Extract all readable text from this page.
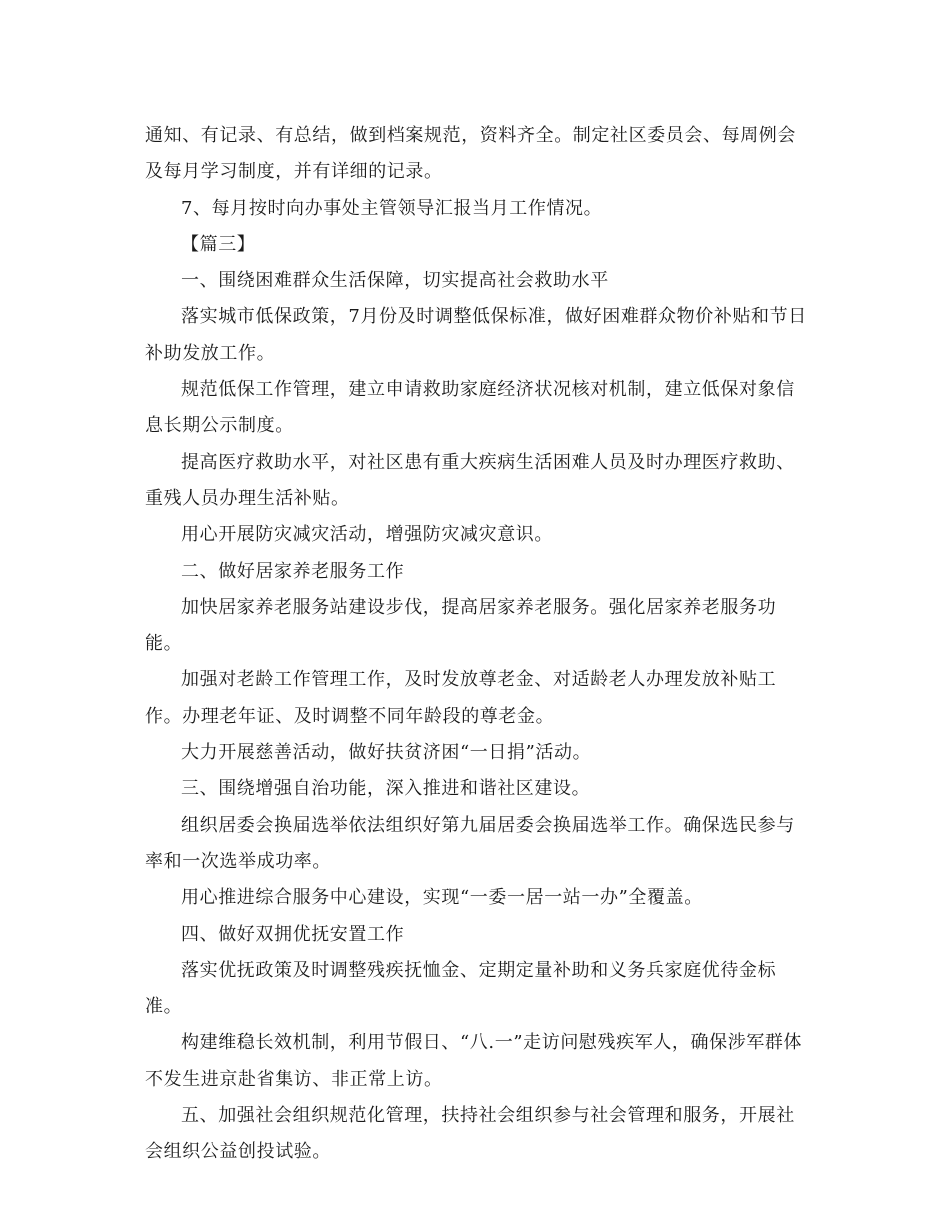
通知、有记录、有总结，做到档案规范，资料齐全。制定社区委员会、每周例会及每月学习制度，并有详细的记录。

7、每月按时向办事处主管领导汇报当月工作情况。

【篇三】

一、围绕困难群众生活保障，切实提高社会救助水平

落实城市低保政策，7月份及时调整低保标准，做好困难群众物价补贴和节日补助发放工作。

规范低保工作管理，建立申请救助家庭经济状况核对机制，建立低保对象信息长期公示制度。

提高医疗救助水平，对社区患有重大疾病生活困难人员及时办理医疗救助、重残人员办理生活补贴。

用心开展防灾减灾活动，增强防灾减灾意识。

二、做好居家养老服务工作

加快居家养老服务站建设步伐，提高居家养老服务。强化居家养老服务功能。

加强对老龄工作管理工作，及时发放尊老金、对适龄老人办理发放补贴工作。办理老年证、及时调整不同年龄段的尊老金。

大力开展慈善活动，做好扶贫济困“一日捐”活动。

三、围绕增强自治功能，深入推进和谐社区建设。

组织居委会换届选举依法组织好第九届居委会换届选举工作。确保选民参与率和一次选举成功率。

用心推进综合服务中心建设，实现“一委一居一站一办”全覆盖。

四、做好双拥优抚安置工作

落实优抚政策及时调整残疾抚恤金、定期定量补助和义务兵家庭优待金标准。

构建维稳长效机制，利用节假日、“八.一”走访问慰残疾军人，确保涉军群体不发生进京赴省集访、非正常上访。

五、加强社会组织规范化管理，扶持社会组织参与社会管理和服务，开展社会组织公益创投试验。
